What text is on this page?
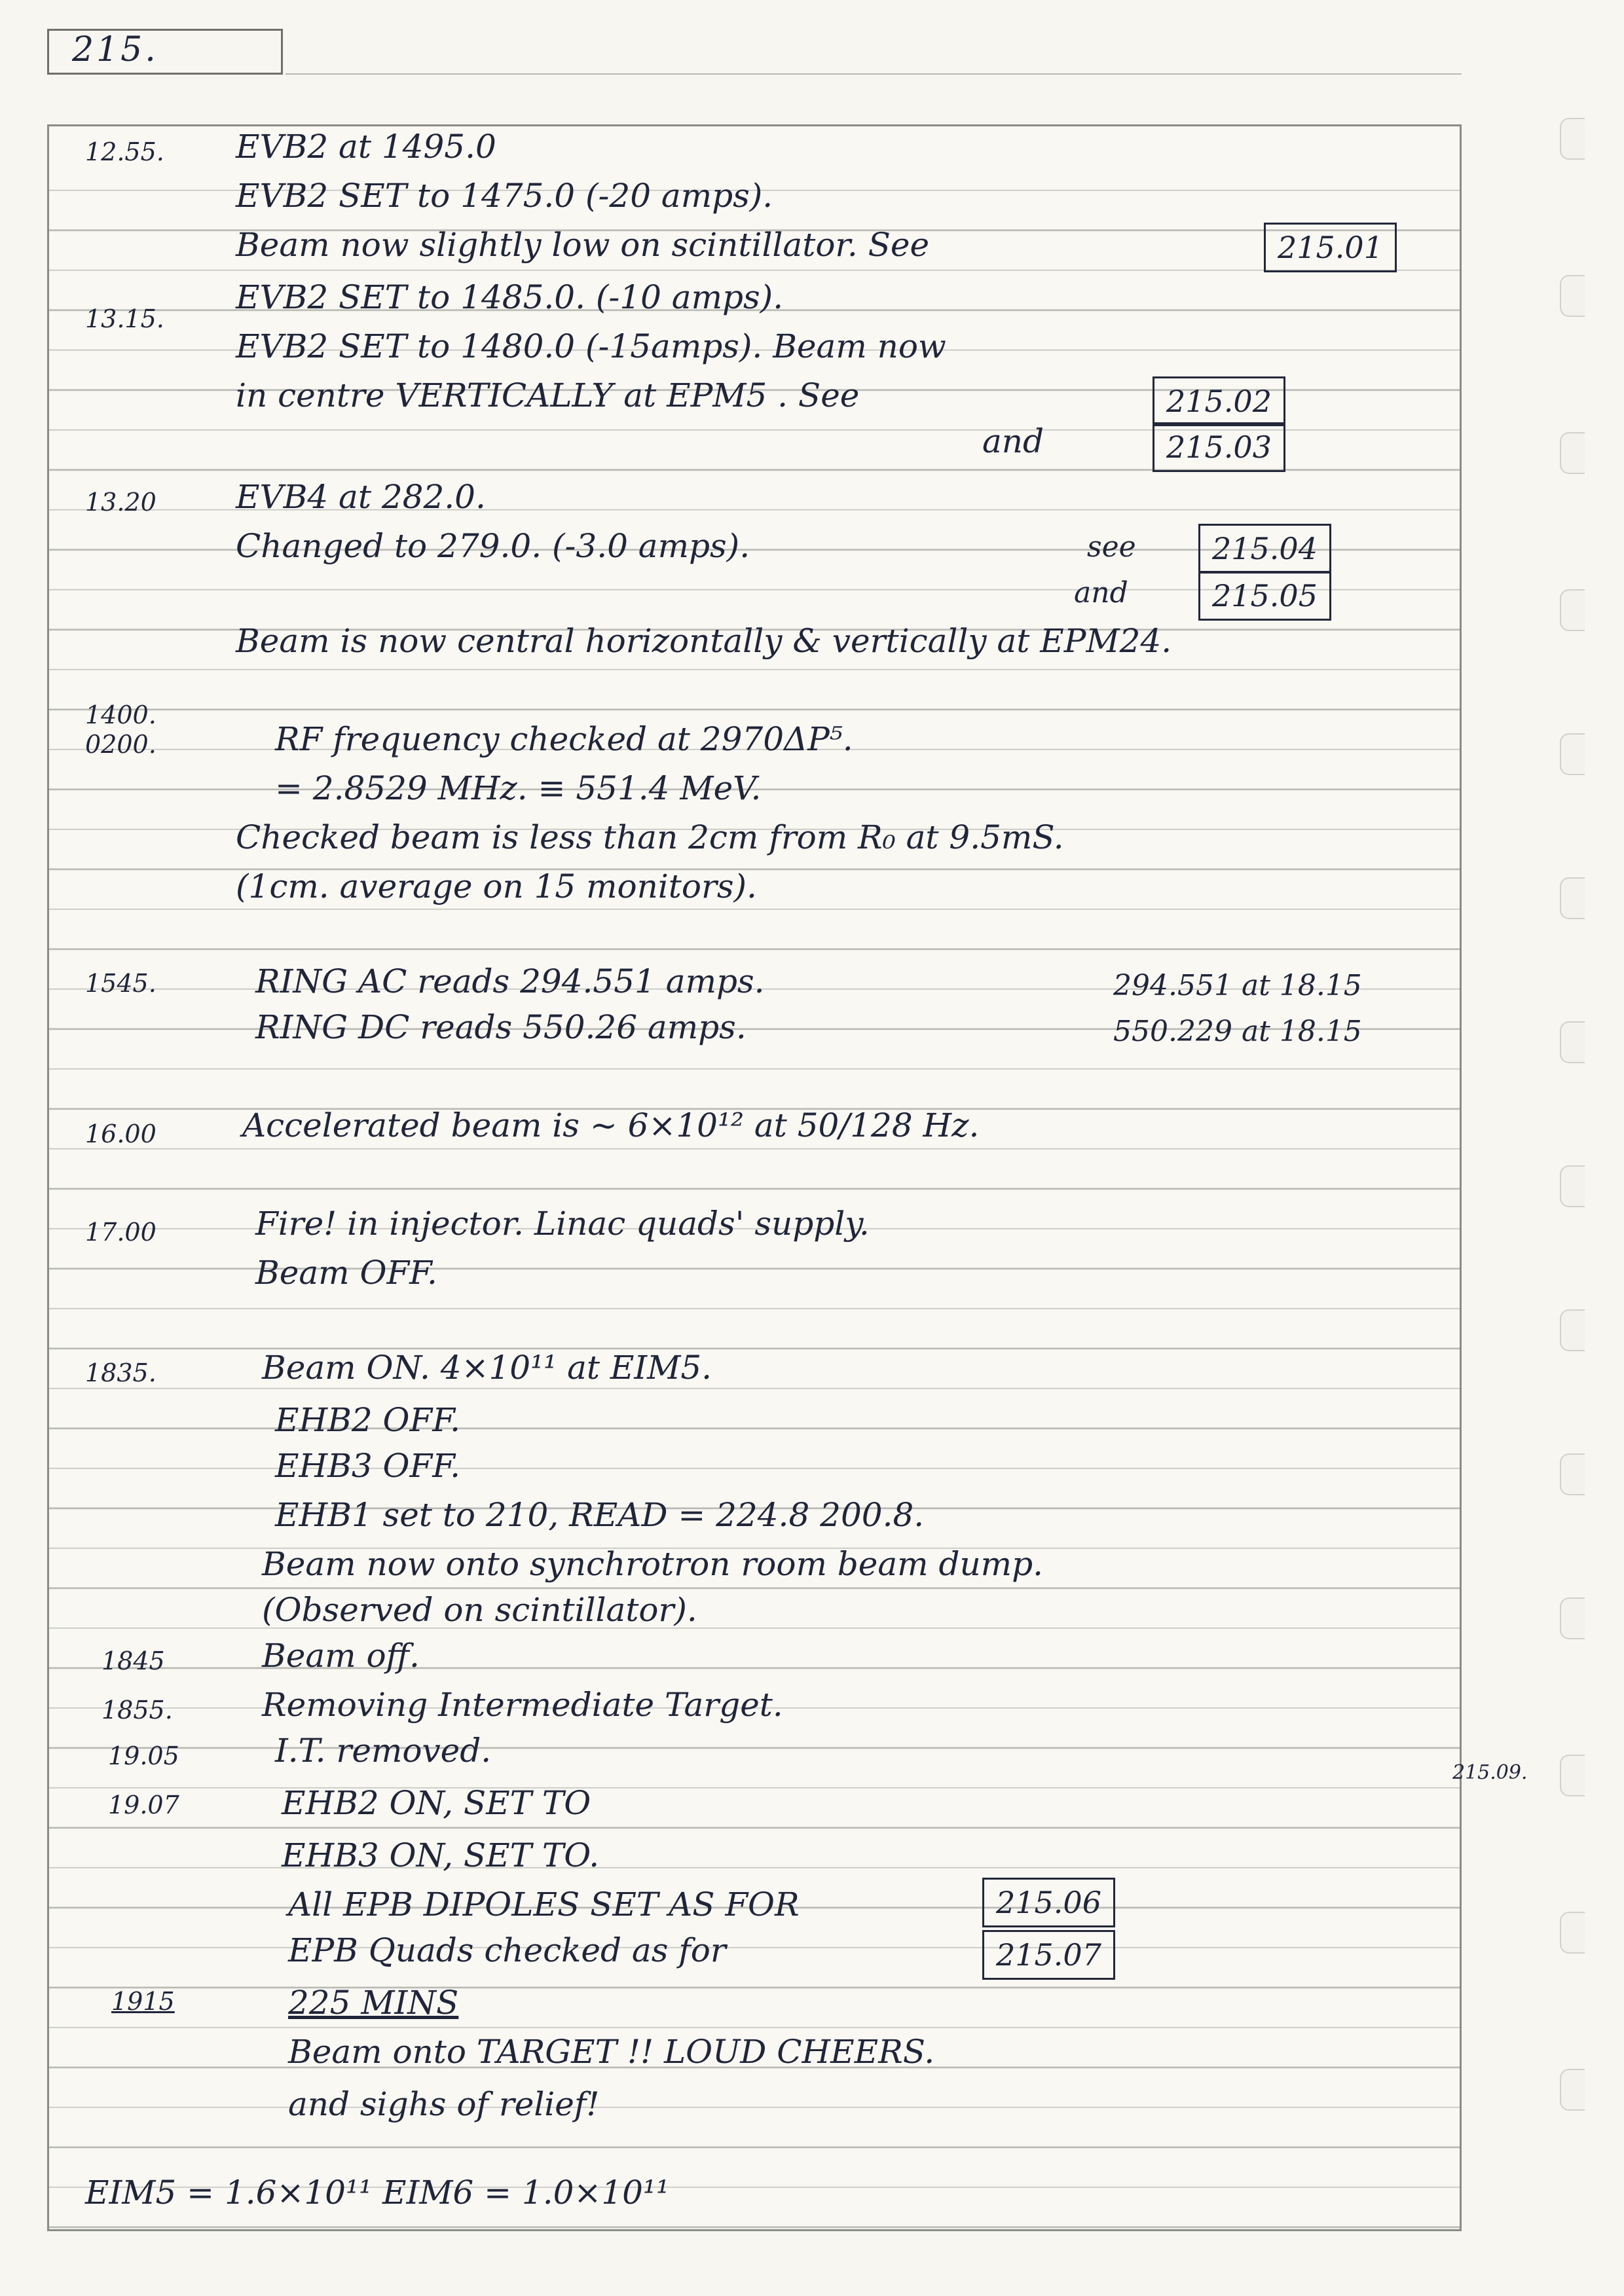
215.
12.55. EVB2 at 1495.0
EVB2 SET to 1475.0 (-20 amps).
Beam now slightly low on scintillator. See	215.01
EVB2 SET to 1485.0. (-10 amps).
13.15.
EVB2 SET to 1480.0 (-15amps). Beam now
in centre VERTICALLY at EPM5 . See	215.02
and	215.03
13.20 EVB4 at 282.0.
Changed to 279.0. (-3.0 amps).	see	215.04
and	215.05
Beam is now central horizontally & vertically at EPM24.
1400.
0200.	RF frequency checked at 2970ΔP⁵.
= 2.8529 MHz. ≡ 551.4 MeV.
Checked beam is less than 2cm from R₀ at 9.5mS.
(1cm. average on 15 monitors).
1545.	RING AC reads 294.551 amps.	294.551 at 18.15
RING DC reads 550.26 amps.	550.229 at 18.15
16.00	Accelerated beam is ~ 6×10¹² at 50/128 Hz.
17.00	Fire! in injector. Linac quads' supply.
Beam OFF.
1835.	Beam ON. 4×10¹¹ at EIM5.
EHB2 OFF.
EHB3 OFF.
EHB1 set to 210, READ = 224.8 200.8.
Beam now onto synchrotron room beam dump.
(Observed on scintillator).
1845	Beam off.
1855.	Removing Intermediate Target.
19.05	I.T. removed.
215.09.
19.07	EHB2 ON, SET TO
EHB3 ON, SET TO.
All EPB DIPOLES SET AS FOR	215.06
EPB Quads checked as for	215.07
1915	225 MINS
Beam onto TARGET !! LOUD CHEERS.
and sighs of relief!
EIM5 = 1.6×10¹¹ EIM6 = 1.0×10¹¹
